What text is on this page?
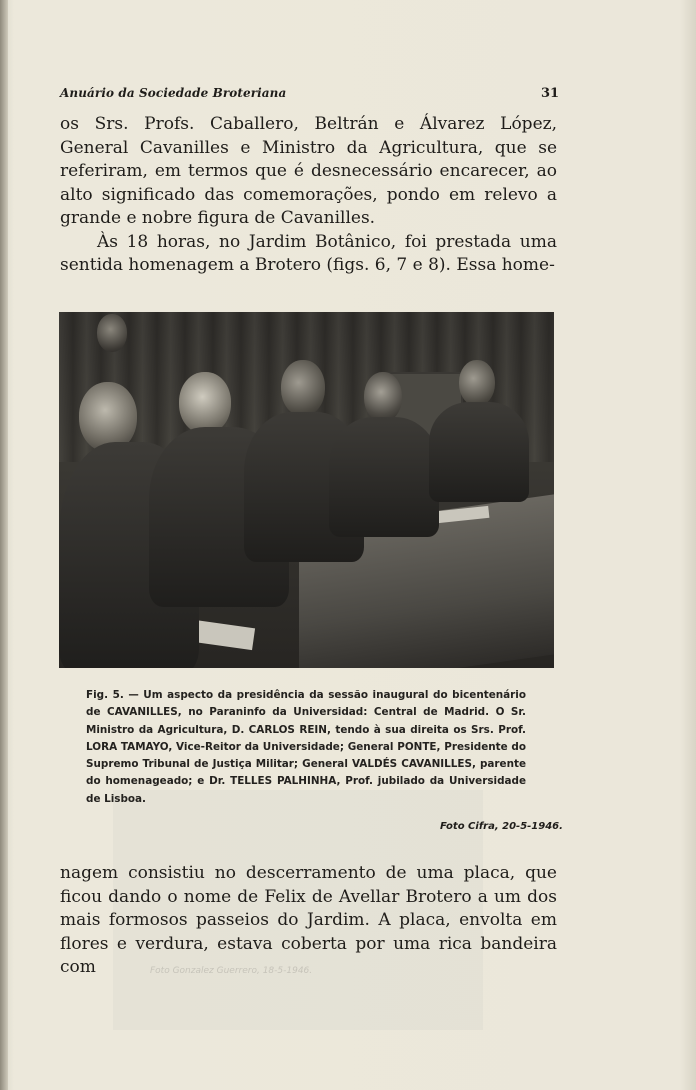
Anuário da Sociedade Broteriana	31

os Srs. Profs. Caballero, Beltrán e Álvarez López, General Cavanilles e Ministro da Agricultura, que se referiram, em termos que é desnecessário encarecer, ao alto significado das comemorações, pondo em relevo a grande e nobre figura de Cavanilles.

Às 18 horas, no Jardim Botânico, foi prestada uma sentida homenagem a Brotero (figs. 6, 7 e 8). Essa home-

Fig. 5. — Um aspecto da presidência da sessão inaugural do bicentenário de CAVANILLES, no Paraninfo da Universidad: Central de Madrid. O Sr. Ministro da Agricultura, D. CARLOS REIN, tendo à sua direita os Srs. Prof. LORA TAMAYO, Vice-Reitor da Universidade; General PONTE, Presidente do Supremo Tribunal de Justiça Militar; General VALDÉS CAVANILLES, parente do homenageado; e Dr. TELLES PALHINHA, Prof. jubilado da Universidade de Lisboa.
Foto Cifra, 20-5-1946.

nagem consistiu no descerramento de uma placa, que ficou dando o nome de Felix de Avellar Brotero a um dos mais formosos passeios do Jardim. A placa, envolta em flores e verdura, estava coberta por uma rica bandeira com	Foto Gonzalez Guerrero, 18-5-1946.
